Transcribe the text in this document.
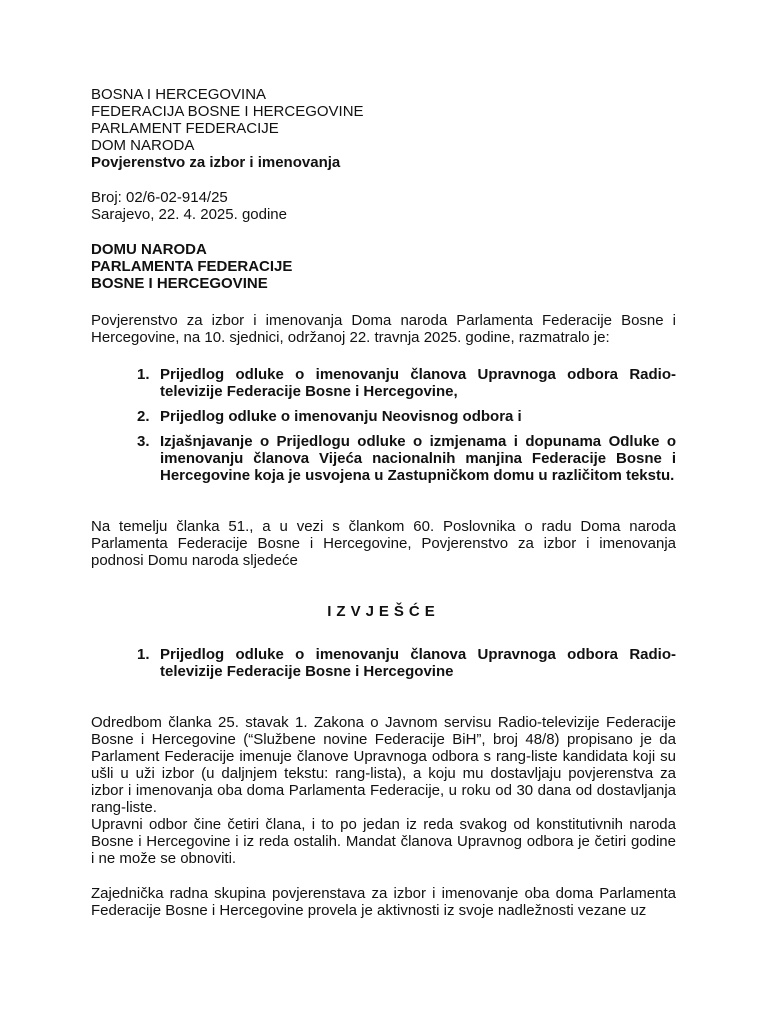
BOSNA I HERCEGOVINA
FEDERACIJA BOSNE I HERCEGOVINE
PARLAMENT FEDERACIJE
DOM NARODA
Povjerenstvo za izbor i imenovanja
Broj: 02/6-02-914/25
Sarajevo, 22. 4. 2025. godine
DOMU NARODA
PARLAMENTA FEDERACIJE
BOSNE I HERCEGOVINE

Povjerenstvo za izbor i imenovanja Doma naroda Parlamenta Federacije Bosne i Hercegovine, na 10. sjednici, održanoj 22. travnja 2025. godine, razmatralo je:

1. Prijedlog odluke o imenovanju članova Upravnoga odbora Radio-televizije Federacije Bosne i Hercegovine,
2. Prijedlog odluke o imenovanju Neovisnog odbora i
3. Izjašnjavanje o Prijedlogu odluke o izmjenama i dopunama Odluke o imenovanju članova Vijeća nacionalnih manjina Federacije Bosne i Hercegovine koja je usvojena u Zastupničkom domu u različitom tekstu.

Na temelju članka 51., a u vezi s člankom 60. Poslovnika o radu Doma naroda Parlamenta Federacije Bosne i Hercegovine, Povjerenstvo za izbor i imenovanja podnosi Domu naroda sljedeće

IZVJEŠĆE
1. Prijedlog odluke o imenovanju članova Upravnoga odbora Radio-televizije Federacije Bosne i Hercegovine

Odredbom članka 25. stavak 1. Zakona o Javnom servisu Radio-televizije Federacije Bosne i Hercegovine (“Službene novine Federacije BiH”, broj 48/8) propisano je da Parlament Federacije imenuje članove Upravnoga odbora s rang-liste kandidata koji su ušli u uži izbor (u daljnjem tekstu: rang-lista), a koju mu dostavljaju povjerenstva za izbor i imenovanja oba doma Parlamenta Federacije, u roku od 30 dana od dostavljanja rang-liste.

Upravni odbor čine četiri člana, i to po jedan iz reda svakog od konstitutivnih naroda Bosne i Hercegovine i iz reda ostalih. Mandat članova Upravnog odbora je četiri godine i ne može se obnoviti.

Zajednička radna skupina povjerenstava za izbor i imenovanje oba doma Parlamenta Federacije Bosne i Hercegovine provela je aktivnosti iz svoje nadležnosti vezane uz
